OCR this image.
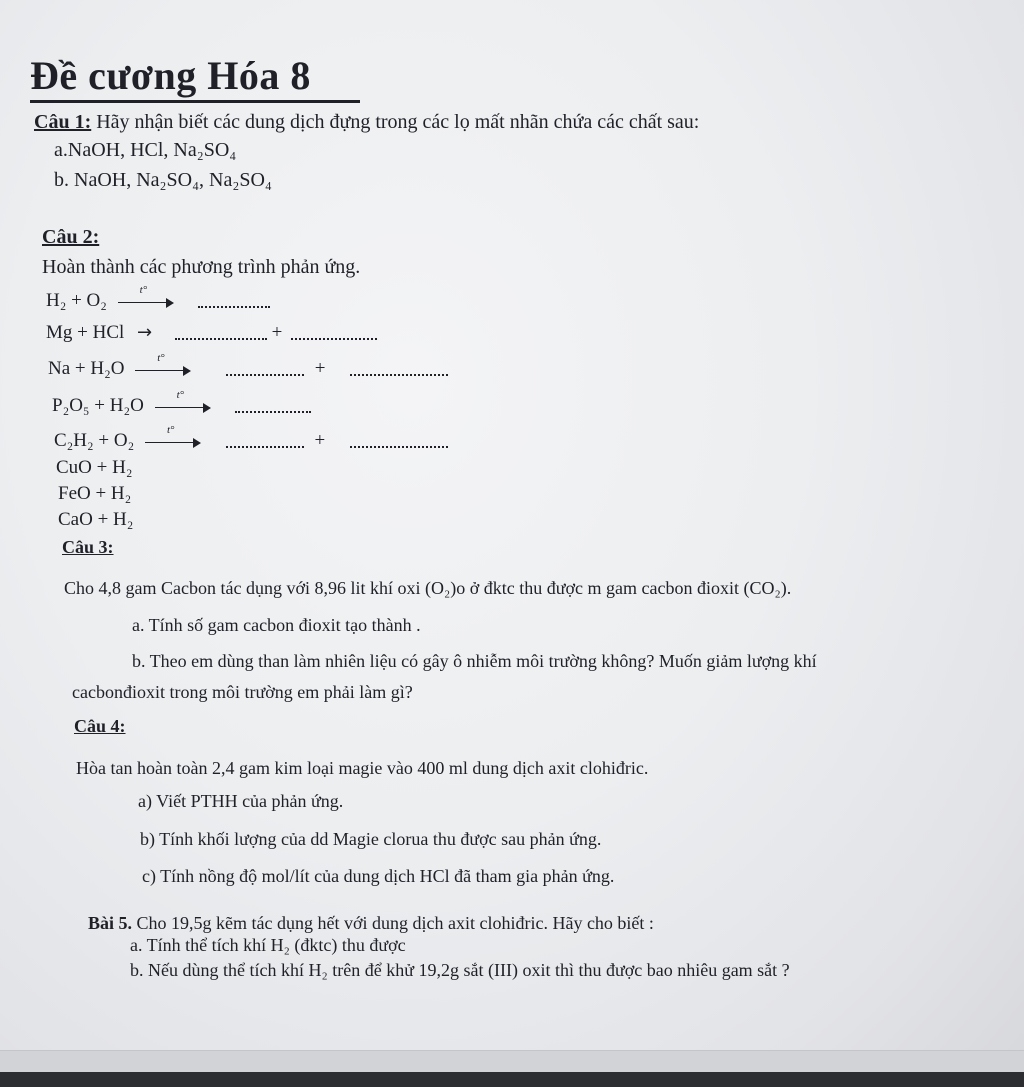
Đề cương Hóa 8
Câu 1: Hãy nhận biết các dung dịch đựng trong các lọ mất nhãn chứa các chất sau:
a.NaOH, HCl, Na₂SO₄
b. NaOH, Na₂SO₄, Na₂SO₄
Câu 2:
Hoàn thành các phương trình phản ứng.
H₂ + O₂
t°

Mg + HCl →	+
Na + H₂O
t°
+
P₂O₅ + H₂O
t°

C₂H₂ + O₂
t°
+
CuO + H₂
FeO + H₂
CaO + H₂
Câu 3:
Cho 4,8 gam Cacbon tác dụng với 8,96 lit khí oxi (O₂)o ở đktc thu được m gam cacbon đioxit (CO₂).
a. Tính số gam cacbon đioxit tạo thành .
b. Theo em dùng than làm nhiên liệu có gây ô nhiễm môi trường không? Muốn giảm lượng khí
cacbonđioxit trong môi trường em phải làm gì?
Câu 4:
Hòa tan hoàn toàn 2,4 gam kim loại magie vào 400 ml dung dịch axit clohiđric.
a) Viết PTHH của phản ứng.
b) Tính khối lượng của dd Magie clorua thu được sau phản ứng.
c) Tính nồng độ mol/lít của dung dịch HCl đã tham gia phản ứng.
Bài 5. Cho 19,5g kẽm tác dụng hết với dung dịch axit clohiđric. Hãy cho biết :
a. Tính thể tích khí H₂ (đktc) thu được
b. Nếu dùng thể tích khí H₂ trên để khử 19,2g sắt (III) oxit thì thu được bao nhiêu gam sắt ?
